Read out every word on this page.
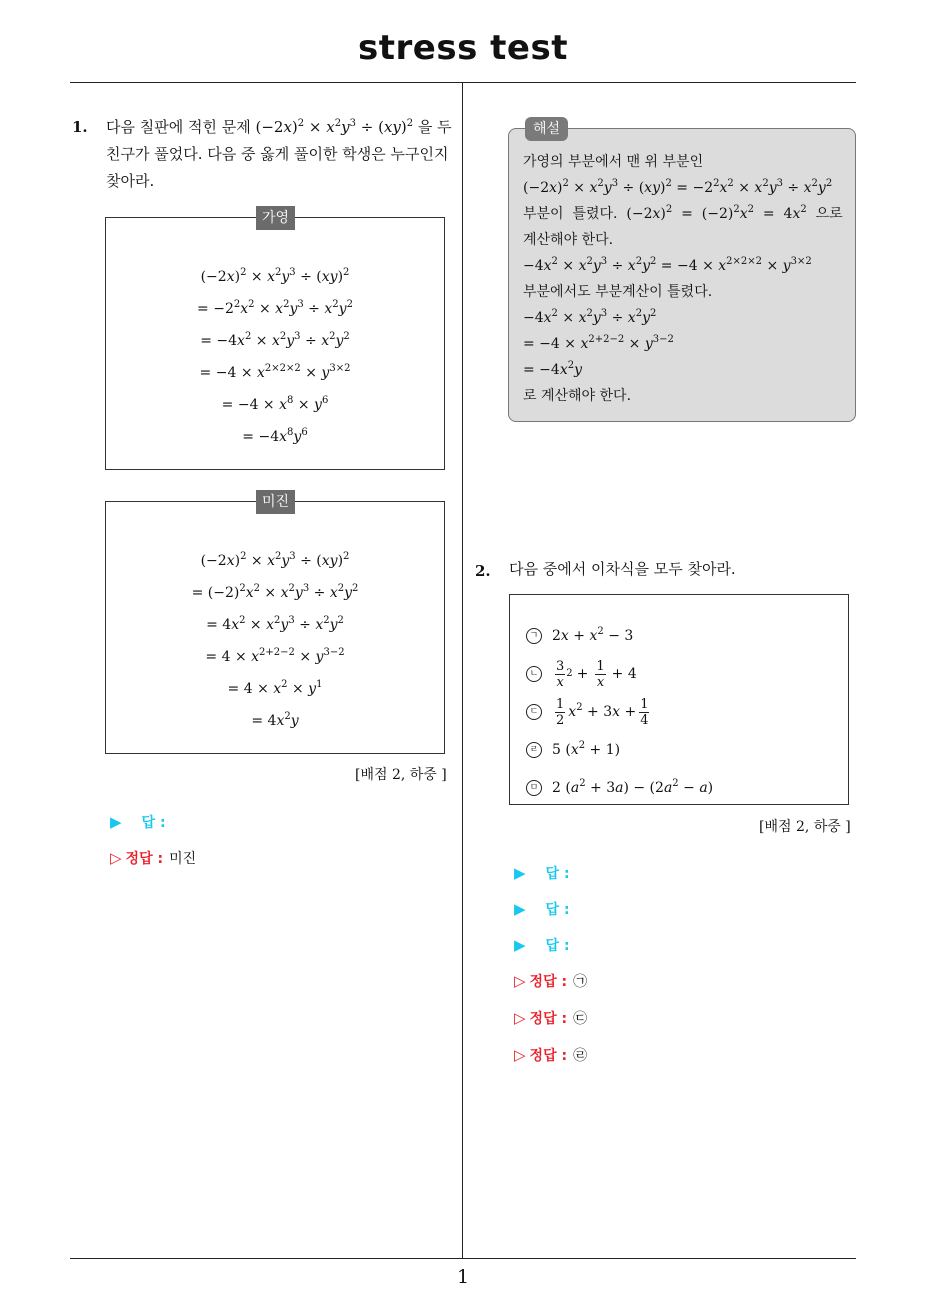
stress test
1
1. 다음 칠판에 적힌 문제 $(-2x)^2 \times x^2y^3 \div (xy)^2$ 을 두
친구가 풀었다. 다음 중 옳게 풀이한 학생은 누구인지
찾아라.
가영
$(-2x)^2 \times x^2y^3 \div (xy)^2$
= $-2^2x^2 \times x^2y^3 \div x^2y^2$
= $-4x^2 \times x^2y^3 \div x^2y^2$
= $-4 \times x^{2\times 2\times 2} \times y^{3\times 2}$
= $-4 \times x^8 \times y^6$
= $-4x^8y^6$
미진
$(-2x)^2 \times x^2y^3 \div (xy)^2$
= $(-2)^2x^2 \times x^2y^3 \div x^2y^2$
= $4x^2 \times x^2y^3 \div x^2y^2$
= $4 \times x^{2+2-2} \times y^{3-2}$
= $4 \times x^2 \times y^1$
= $4x^2y$
[배점 2, 하중 ]
▶ 답 :
▷ 정답 : 미진
해설
가영의 부분에서 맨 위 부분인
$(-2x)^2 \times x^2y^3 \div (xy)^2 = -2^2x^2 \times x^2y^3 \div x^2y^2$
부분이  틀렸다.  $(-2x)^2 = (-2)^2x^2 = 4x^2$  으로
계산해야 한다.
$-4x^2 \times x^2y^3 \div x^2y^2 = -4 \times x^{2\times 2\times 2} \times y^{3\times 2}$
부분에서도 부분계산이 틀렸다.
$-4x^2 \times x^2y^3 \div x^2y^2$
= $-4 \times x^{2+2-2} \times y^{3-2}$
= $-4x^2y$
로 계산해야 한다.
2. 다음 중에서 이차식을 모두 찾아라.
ㄱ $2x + x^2 - 3$
ㄴ $\frac{3}{x} 2 + \frac{1}{x} + 4$
ㄷ $\frac{1}{2} x^2 + 3x + \frac{1}{4}$
ㄹ 5 $(x^2 + 1)$
ㅁ 2 $(a^2 + 3a) - (2a^2 - a)$
[배점 2, 하중 ]
▶ 답 :
▶ 답 :
▶ 답 :
▷ 정답 : ㉠
▷ 정답 : ㉢
▷ 정답 : ㉣
